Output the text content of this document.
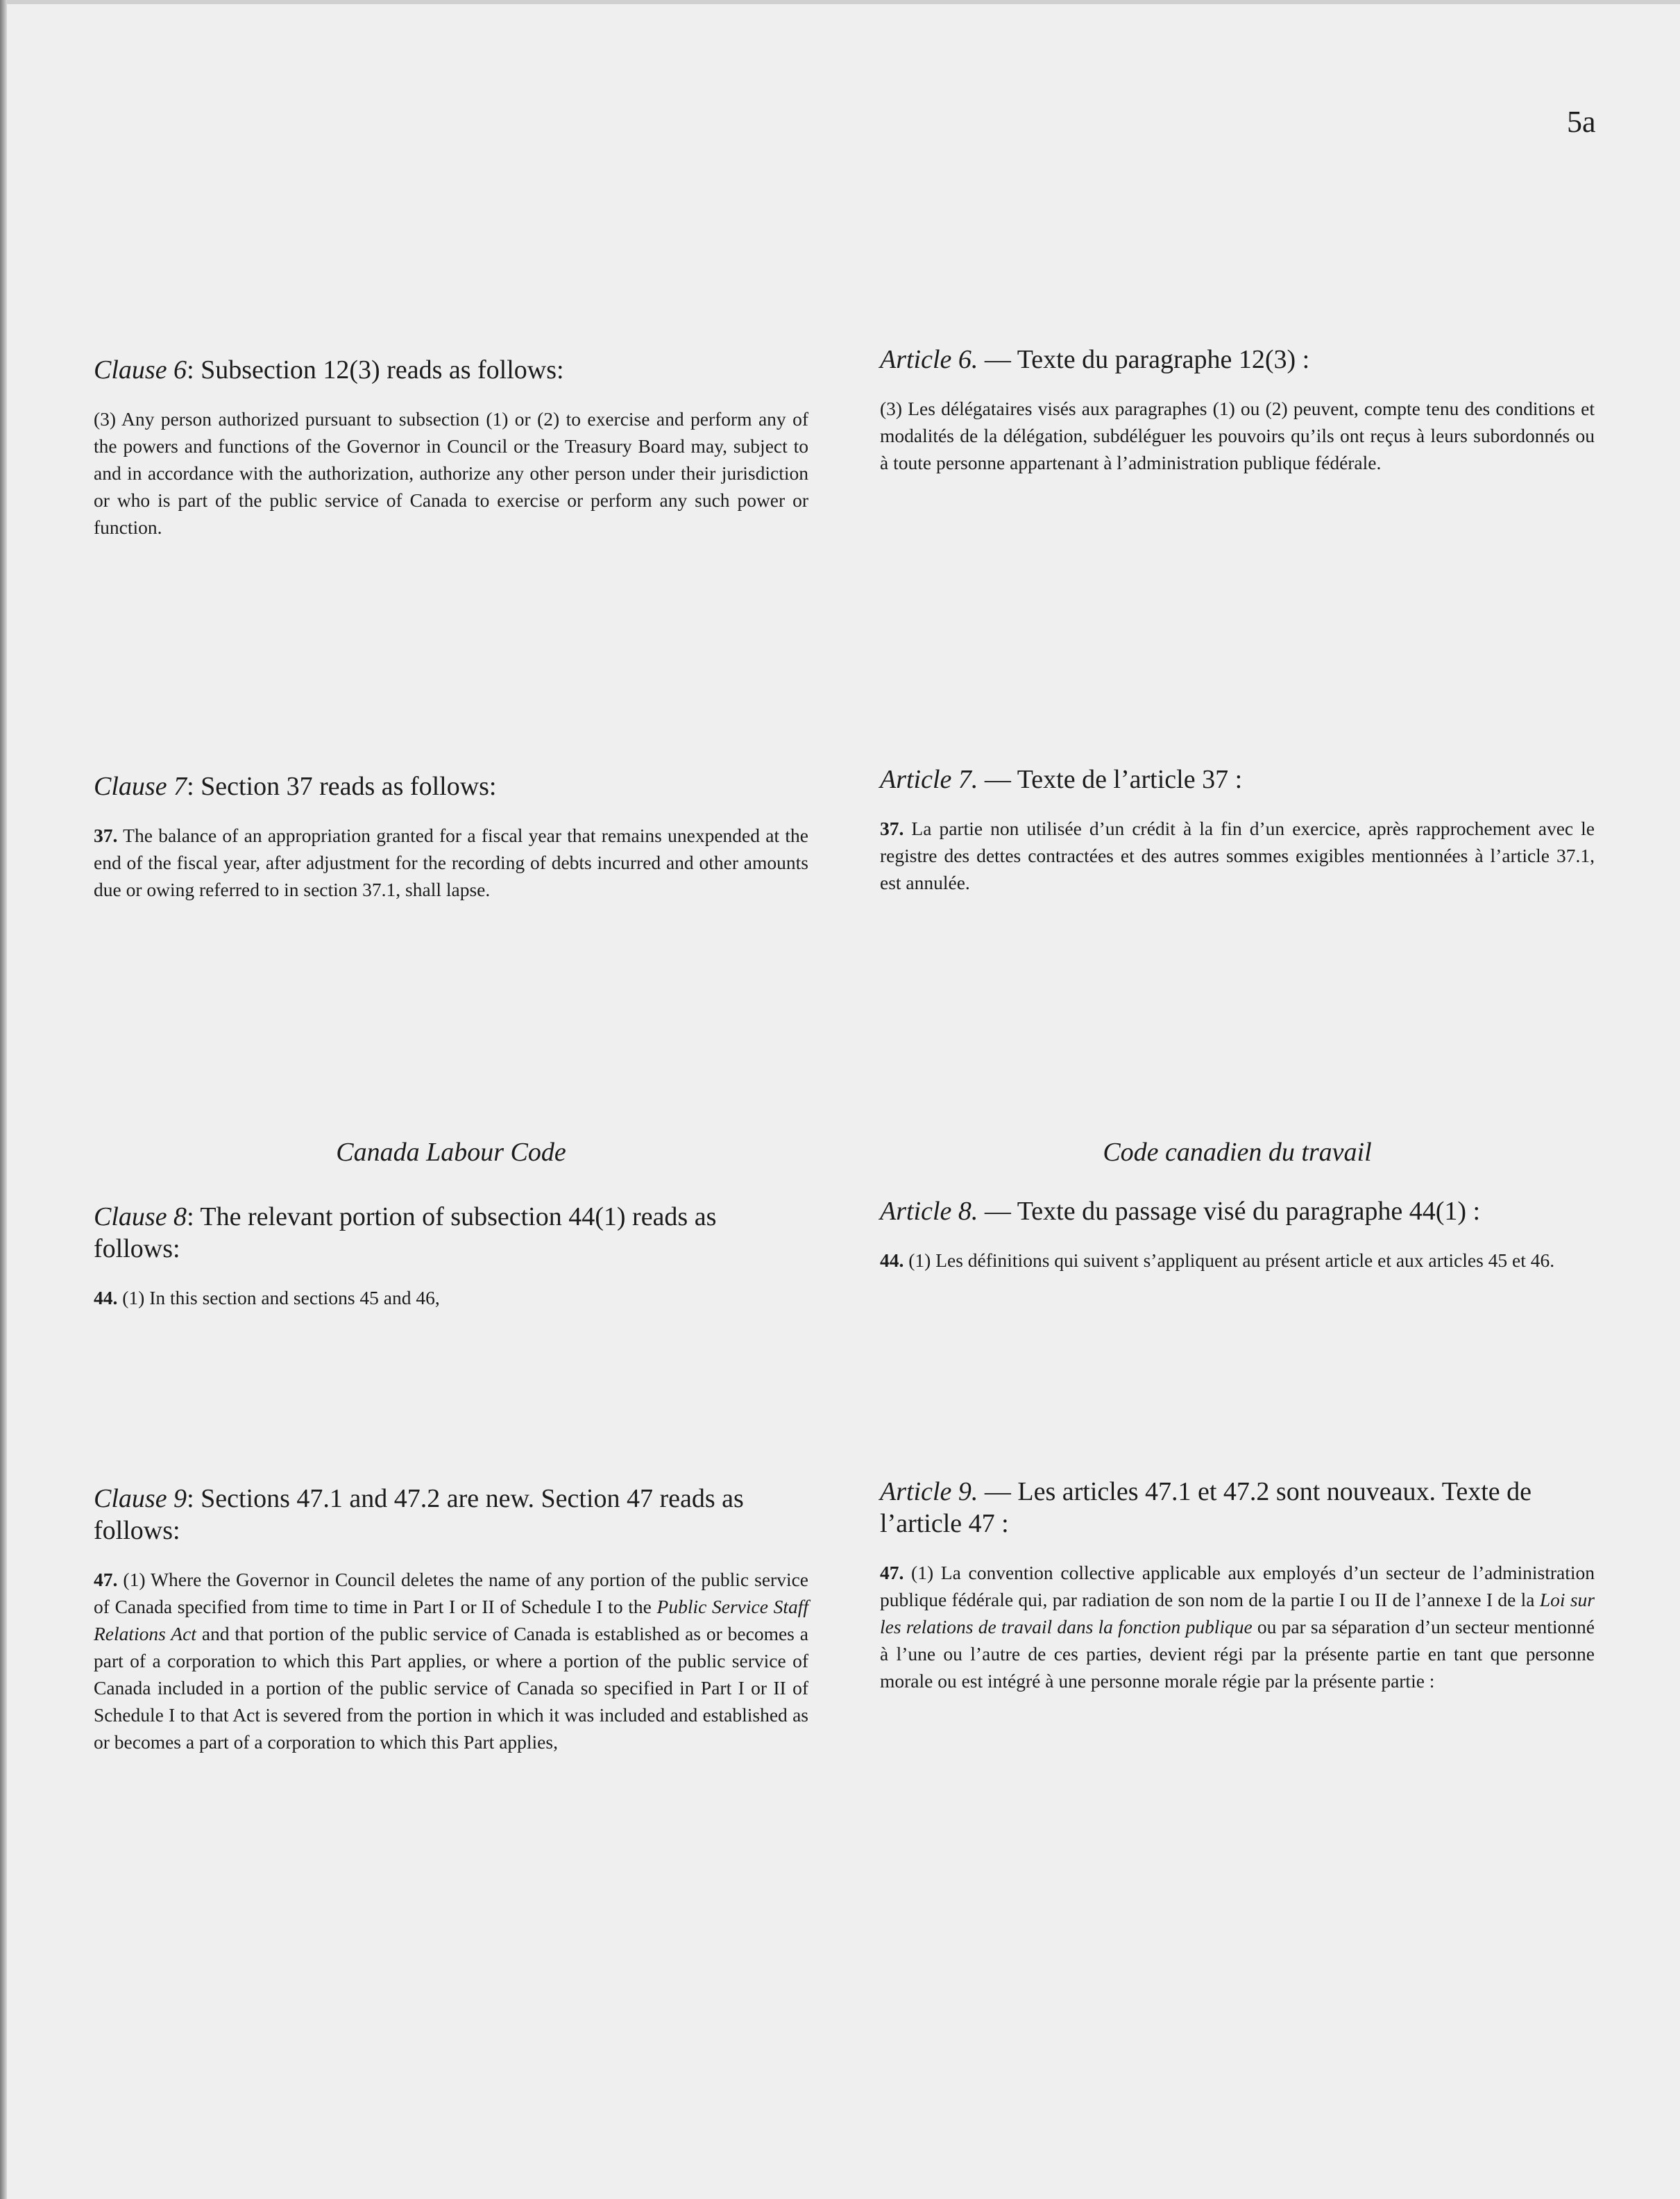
5a

Clause 6: Subsection 12(3) reads as follows:

(3) Any person authorized pursuant to subsection (1) or (2) to exercise and perform any of the powers and functions of the Governor in Council or the Treasury Board may, subject to and in accordance with the authorization, authorize any other person under their jurisdiction or who is part of the public service of Canada to exercise or perform any such power or function.

Article 6. — Texte du paragraphe 12(3) :

(3) Les délégataires visés aux paragraphes (1) ou (2) peuvent, compte tenu des conditions et modalités de la délégation, subdéléguer les pouvoirs qu’ils ont reçus à leurs subordonnés ou à toute personne appartenant à l’administration publique fédérale.

Clause 7: Section 37 reads as follows:

37. The balance of an appropriation granted for a fiscal year that remains unexpended at the end of the fiscal year, after adjustment for the recording of debts incurred and other amounts due or owing referred to in section 37.1, shall lapse.

Article 7. — Texte de l’article 37 :

37. La partie non utilisée d’un crédit à la fin d’un exercice, après rapprochement avec le registre des dettes contractées et des autres sommes exigibles mentionnées à l’article 37.1, est annulée.

Canada Labour Code	Code canadien du travail

Clause 8: The relevant portion of subsection 44(1) reads as follows:

44. (1) In this section and sections 45 and 46,

Article 8. — Texte du passage visé du paragraphe 44(1) :

44. (1) Les définitions qui suivent s’appliquent au présent article et aux articles 45 et 46.

Clause 9: Sections 47.1 and 47.2 are new. Section 47 reads as follows:

47. (1) Where the Governor in Council deletes the name of any portion of the public service of Canada specified from time to time in Part I or II of Schedule I to the Public Service Staff Relations Act and that portion of the public service of Canada is established as or becomes a part of a corporation to which this Part applies, or where a portion of the public service of Canada included in a portion of the public service of Canada so specified in Part I or II of Schedule I to that Act is severed from the portion in which it was included and established as or becomes a part of a corporation to which this Part applies,

Article 9. — Les articles 47.1 et 47.2 sont nouveaux. Texte de l’article 47 :

47. (1) La convention collective applicable aux employés d’un secteur de l’administration publique fédérale qui, par radiation de son nom de la partie I ou II de l’annexe I de la Loi sur les relations de travail dans la fonction publique ou par sa séparation d’un secteur mentionné à l’une ou l’autre de ces parties, devient régi par la présente partie en tant que personne morale ou est intégré à une personne morale régie par la présente partie :
